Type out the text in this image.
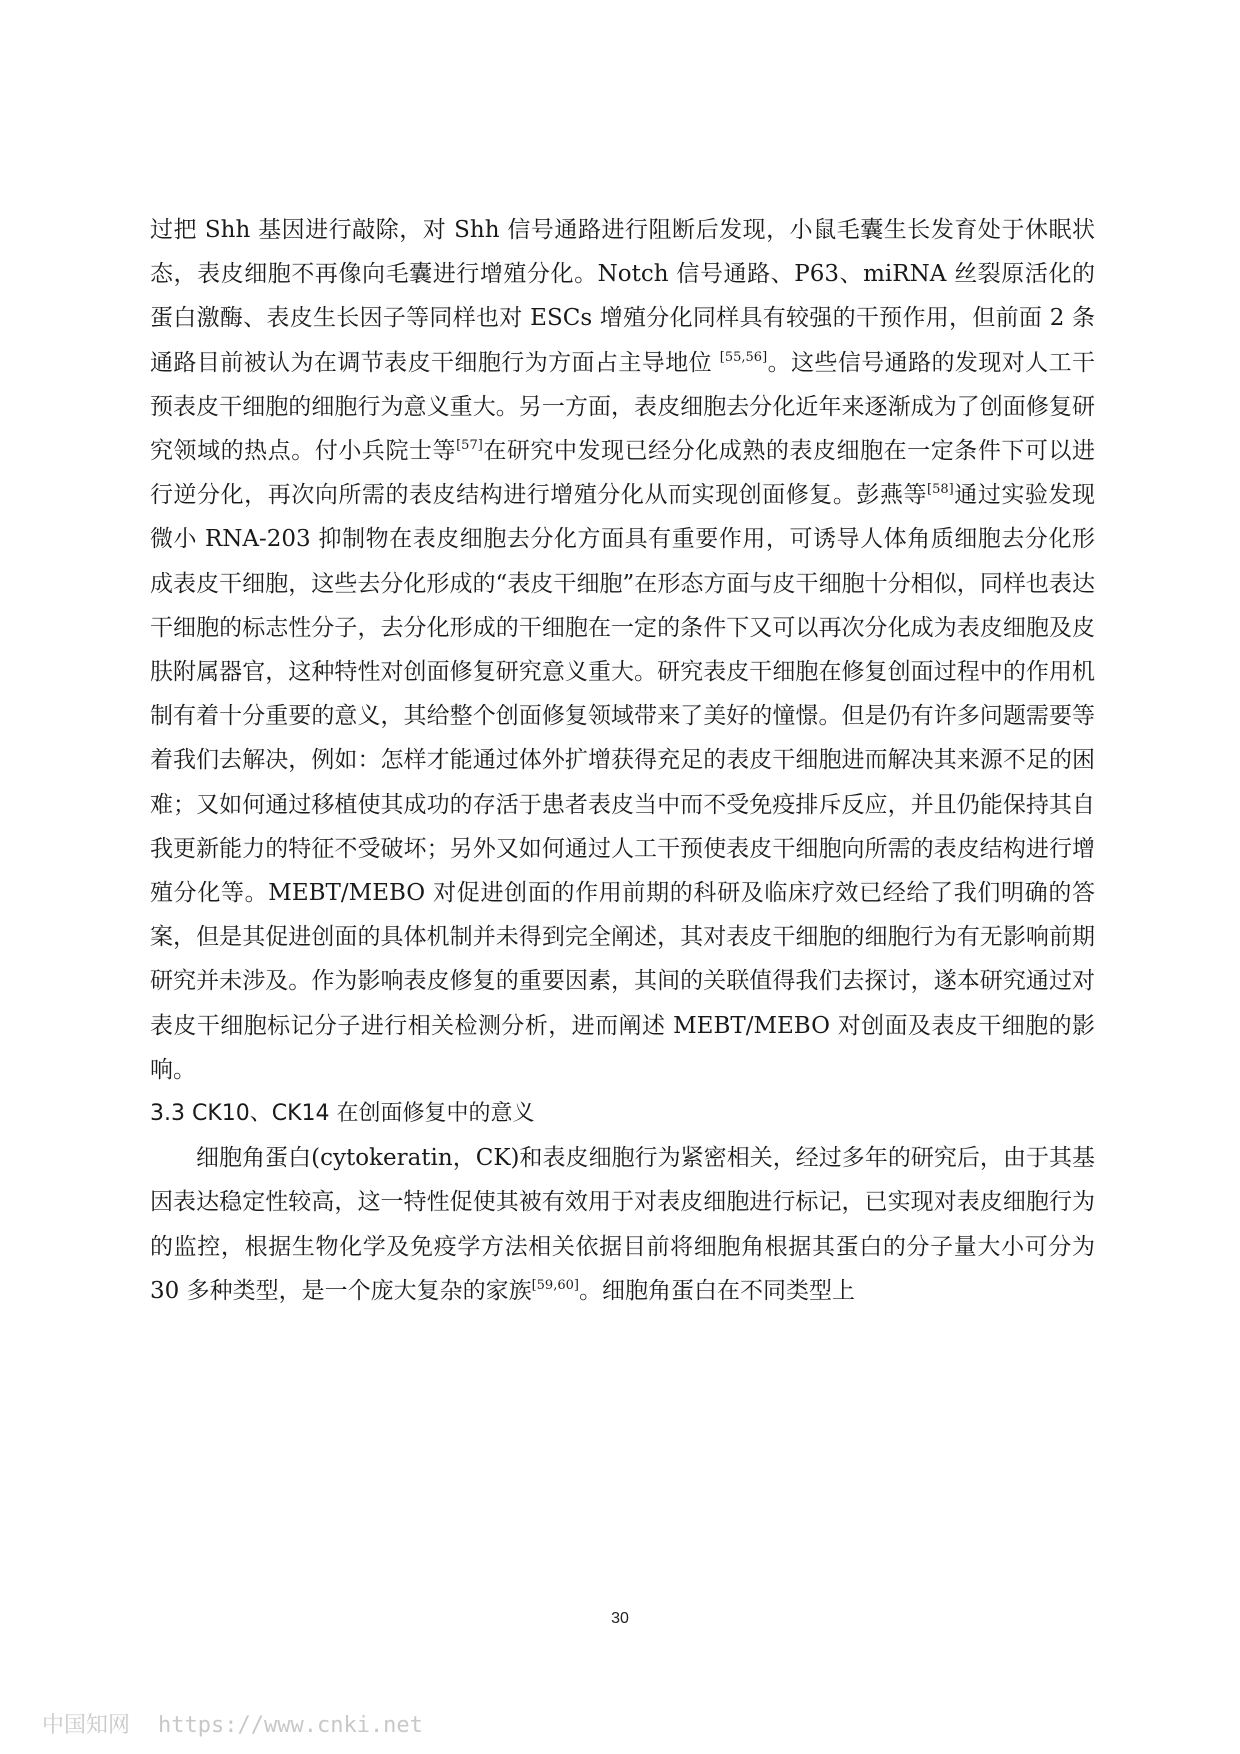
过把 Shh 基因进行敲除，对 Shh 信号通路进行阻断后发现，小鼠毛囊生长发育处于休眠状态，表皮细胞不再像向毛囊进行增殖分化。Notch 信号通路、P63、miRNA 丝裂原活化的蛋白激酶、表皮生长因子等同样也对 ESCs 增殖分化同样具有较强的干预作用，但前面 2 条通路目前被认为在调节表皮干细胞行为方面占主导地位 [55,56]。这些信号通路的发现对人工干预表皮干细胞的细胞行为意义重大。另一方面，表皮细胞去分化近年来逐渐成为了创面修复研究领域的热点。付小兵院士等[57]在研究中发现已经分化成熟的表皮细胞在一定条件下可以进行逆分化，再次向所需的表皮结构进行增殖分化从而实现创面修复。彭燕等[58]通过实验发现微小 RNA-203 抑制物在表皮细胞去分化方面具有重要作用，可诱导人体角质细胞去分化形成表皮干细胞，这些去分化形成的“表皮干细胞”在形态方面与皮干细胞十分相似，同样也表达干细胞的标志性分子，去分化形成的干细胞在一定的条件下又可以再次分化成为表皮细胞及皮肤附属器官，这种特性对创面修复研究意义重大。研究表皮干细胞在修复创面过程中的作用机制有着十分重要的意义，其给整个创面修复领域带来了美好的憧憬。但是仍有许多问题需要等着我们去解决，例如：怎样才能通过体外扩增获得充足的表皮干细胞进而解决其来源不足的困难；又如何通过移植使其成功的存活于患者表皮当中而不受免疫排斥反应，并且仍能保持其自我更新能力的特征不受破坏；另外又如何通过人工干预使表皮干细胞向所需的表皮结构进行增殖分化等。MEBT/MEBO 对促进创面的作用前期的科研及临床疗效已经给了我们明确的答案，但是其促进创面的具体机制并未得到完全阐述，其对表皮干细胞的细胞行为有无影响前期研究并未涉及。作为影响表皮修复的重要因素，其间的关联值得我们去探讨，遂本研究通过对表皮干细胞标记分子进行相关检测分析，进而阐述 MEBT/MEBO 对创面及表皮干细胞的影响。

3.3 CK10、CK14 在创面修复中的意义

细胞角蛋白(cytokeratin，CK)和表皮细胞行为紧密相关，经过多年的研究后，由于其基因表达稳定性较高，这一特性促使其被有效用于对表皮细胞进行标记，已实现对表皮细胞行为的监控，根据生物化学及免疫学方法相关依据目前将细胞角根据其蛋白的分子量大小可分为 30 多种类型，是一个庞大复杂的家族[59,60]。细胞角蛋白在不同类型上

30
中国知网 https://www.cnki.net
